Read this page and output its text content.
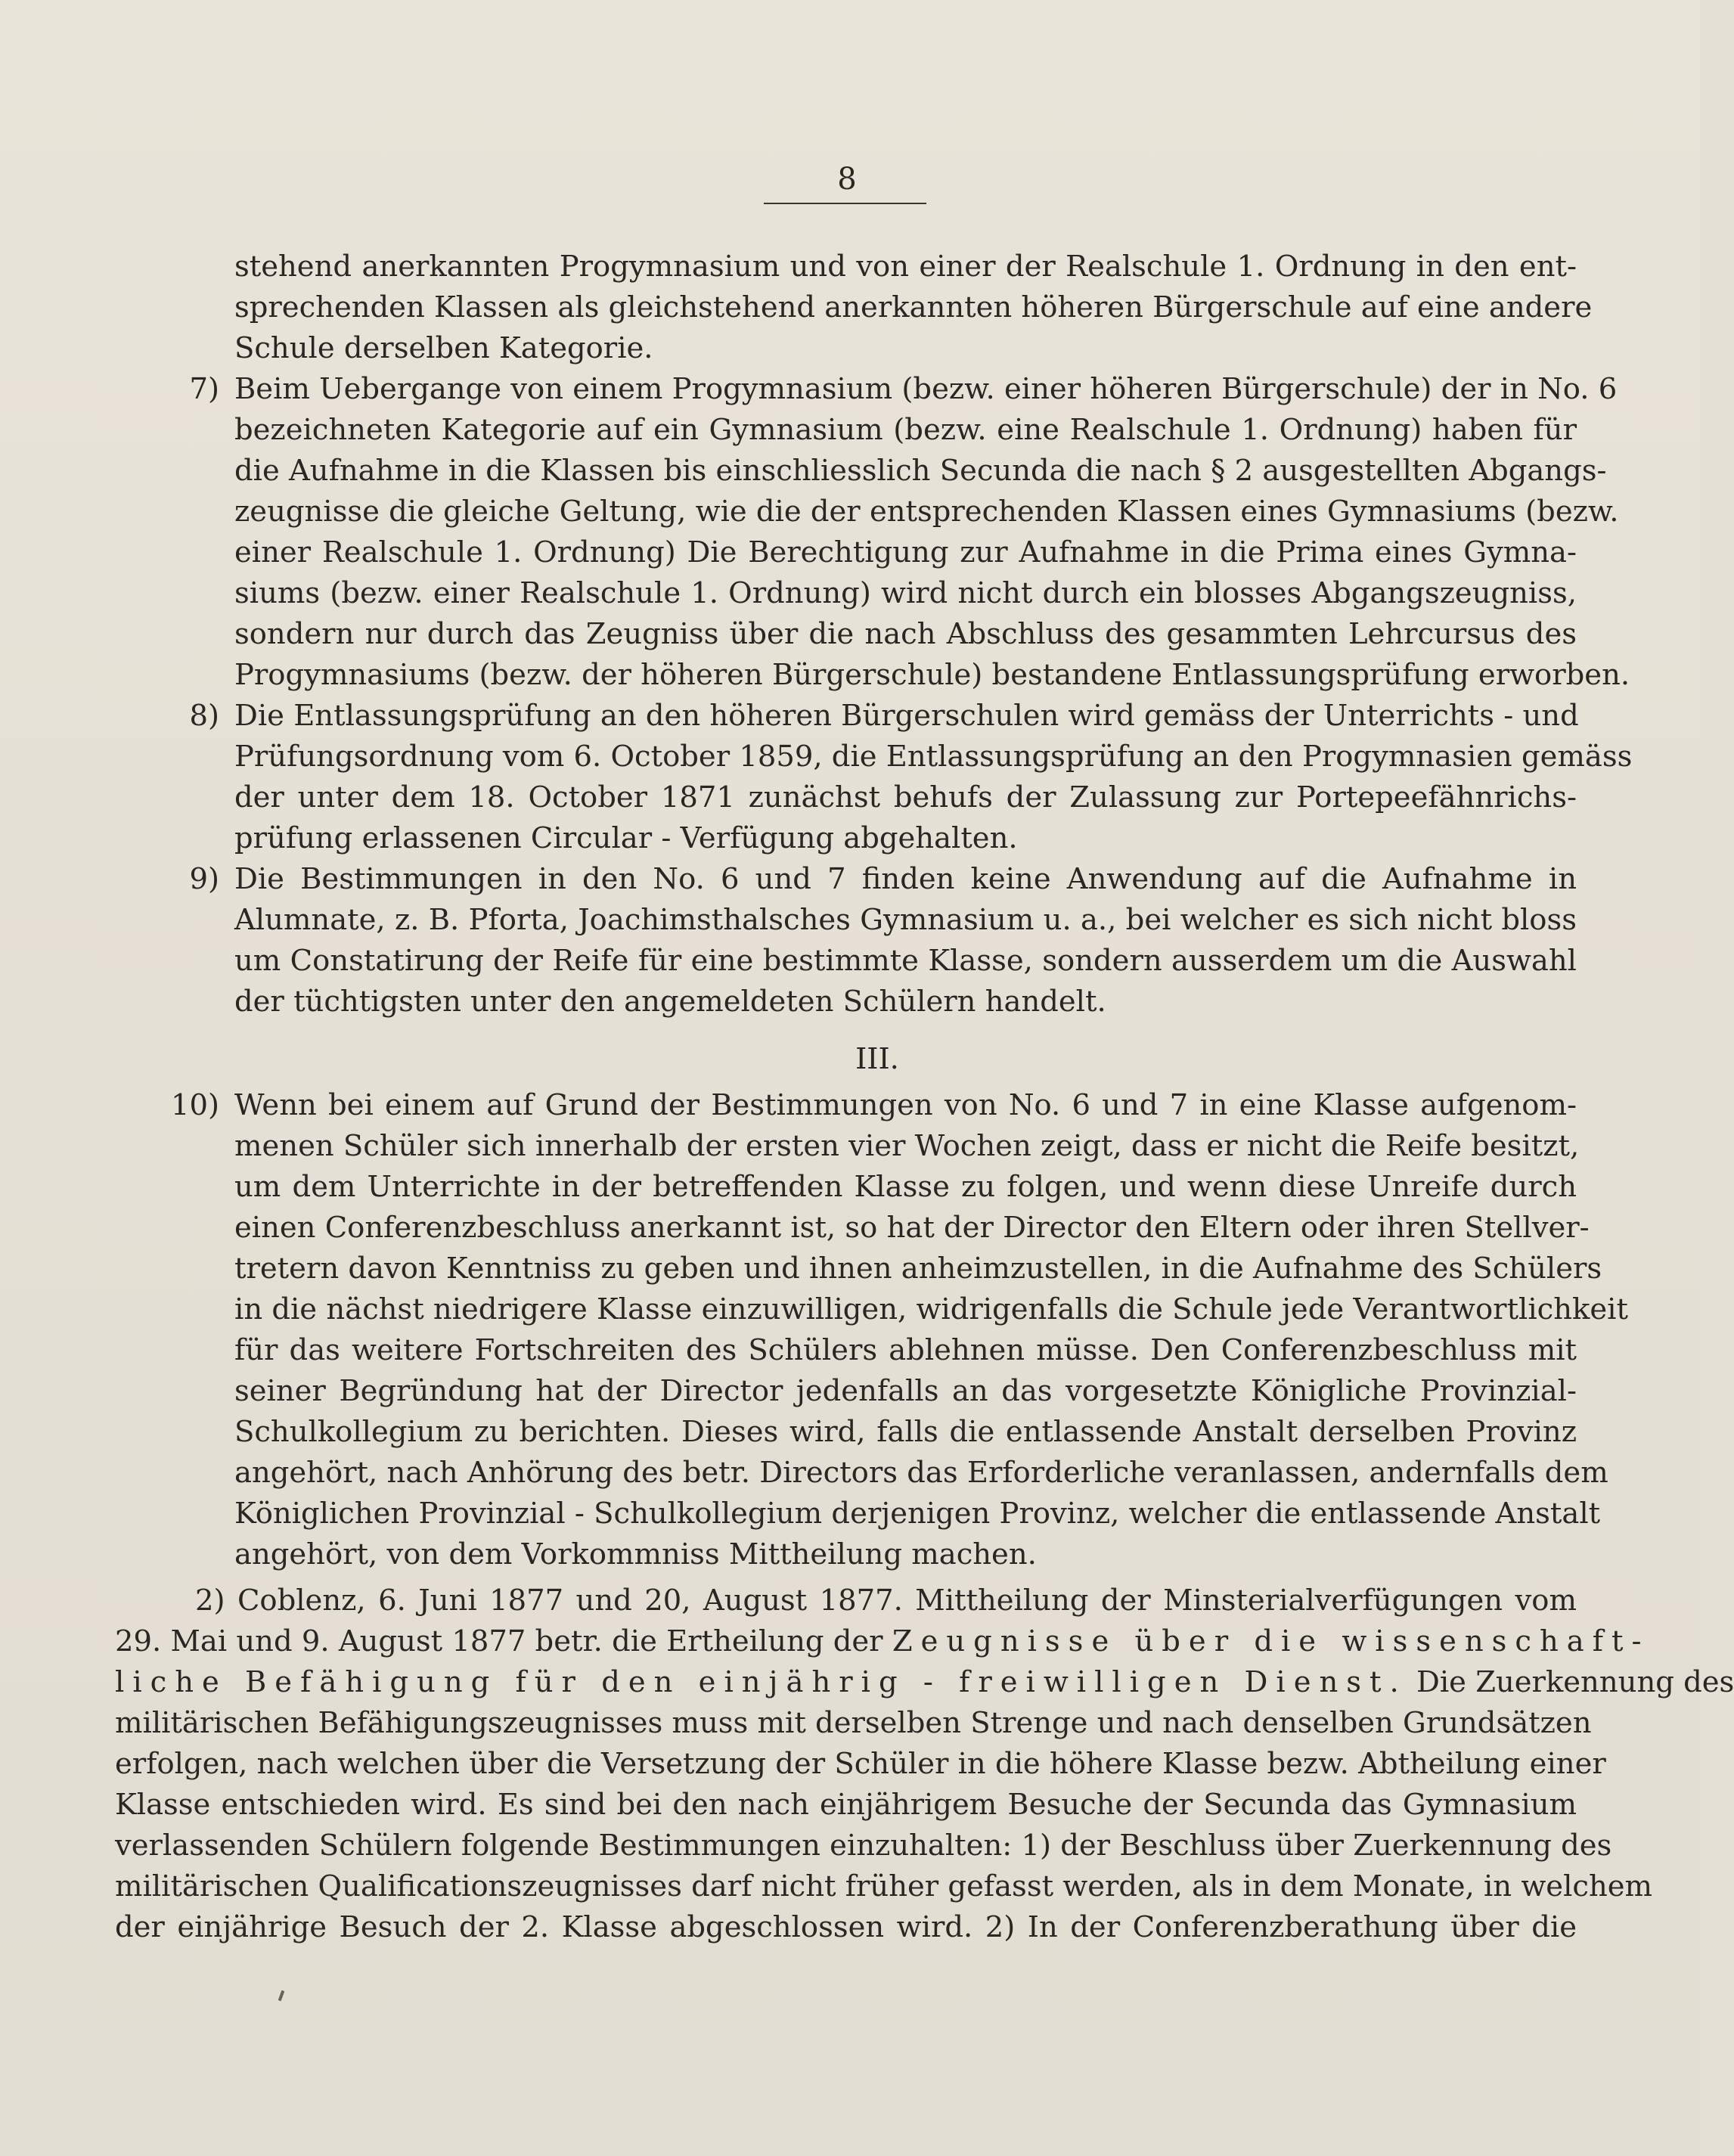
8
stehend anerkannten Progymnasium und von einer der Realschule 1. Ordnung in den ent-
sprechenden Klassen als gleichstehend anerkannten höheren Bürgerschule auf eine andere
Schule derselben Kategorie.
7) Beim Uebergange von einem Progymnasium (bezw. einer höheren Bürgerschule) der in No. 6
bezeichneten Kategorie auf ein Gymnasium (bezw. eine Realschule 1. Ordnung) haben für
die Aufnahme in die Klassen bis einschliesslich Secunda die nach § 2 ausgestellten Abgangs-
zeugnisse die gleiche Geltung, wie die der entsprechenden Klassen eines Gymnasiums (bezw.
einer Realschule 1. Ordnung) Die Berechtigung zur Aufnahme in die Prima eines Gymna-
siums (bezw. einer Realschule 1. Ordnung) wird nicht durch ein blosses Abgangszeugniss,
sondern nur durch das Zeugniss über die nach Abschluss des gesammten Lehrcursus des
Progymnasiums (bezw. der höheren Bürgerschule) bestandene Entlassungsprüfung erworben.
8) Die Entlassungsprüfung an den höheren Bürgerschulen wird gemäss der Unterrichts - und
Prüfungsordnung vom 6. October 1859, die Entlassungsprüfung an den Progymnasien gemäss
der unter dem 18. October 1871 zunächst behufs der Zulassung zur Portepeefähnrichs-
prüfung erlassenen Circular - Verfügung abgehalten.
9) Die Bestimmungen in den No. 6 und 7 finden keine Anwendung auf die Aufnahme in
Alumnate, z. B. Pforta, Joachimsthalsches Gymnasium u. a., bei welcher es sich nicht bloss
um Constatirung der Reife für eine bestimmte Klasse, sondern ausserdem um die Auswahl
der tüchtigsten unter den angemeldeten Schülern handelt.
III.
10) Wenn bei einem auf Grund der Bestimmungen von No. 6 und 7 in eine Klasse aufgenom-
menen Schüler sich innerhalb der ersten vier Wochen zeigt, dass er nicht die Reife besitzt,
um dem Unterrichte in der betreffenden Klasse zu folgen, und wenn diese Unreife durch
einen Conferenzbeschluss anerkannt ist, so hat der Director den Eltern oder ihren Stellver-
tretern davon Kenntniss zu geben und ihnen anheimzustellen, in die Aufnahme des Schülers
in die nächst niedrigere Klasse einzuwilligen, widrigenfalls die Schule jede Verantwortlichkeit
für das weitere Fortschreiten des Schülers ablehnen müsse. Den Conferenzbeschluss mit
seiner Begründung hat der Director jedenfalls an das vorgesetzte Königliche Provinzial-
Schulkollegium zu berichten. Dieses wird, falls die entlassende Anstalt derselben Provinz
angehört, nach Anhörung des betr. Directors das Erforderliche veranlassen, andernfalls dem
Königlichen Provinzial - Schulkollegium derjenigen Provinz, welcher die entlassende Anstalt
angehört, von dem Vorkommniss Mittheilung machen.
2) Coblenz, 6. Juni 1877 und 20, August 1877. Mittheilung der Minsterialverfügungen vom
29. Mai und 9. August 1877 betr. die Ertheilung der Zeugnisse über die wissenschaft-
liche Befähigung für den einjährig - freiwilligen Dienst. Die Zuerkennung des
militärischen Befähigungszeugnisses muss mit derselben Strenge und nach denselben Grundsätzen
erfolgen, nach welchen über die Versetzung der Schüler in die höhere Klasse bezw. Abtheilung einer
Klasse entschieden wird. Es sind bei den nach einjährigem Besuche der Secunda das Gymnasium
verlassenden Schülern folgende Bestimmungen einzuhalten: 1) der Beschluss über Zuerkennung des
militärischen Qualificationszeugnisses darf nicht früher gefasst werden, als in dem Monate, in welchem
der einjährige Besuch der 2. Klasse abgeschlossen wird. 2) In der Conferenzberathung über die
